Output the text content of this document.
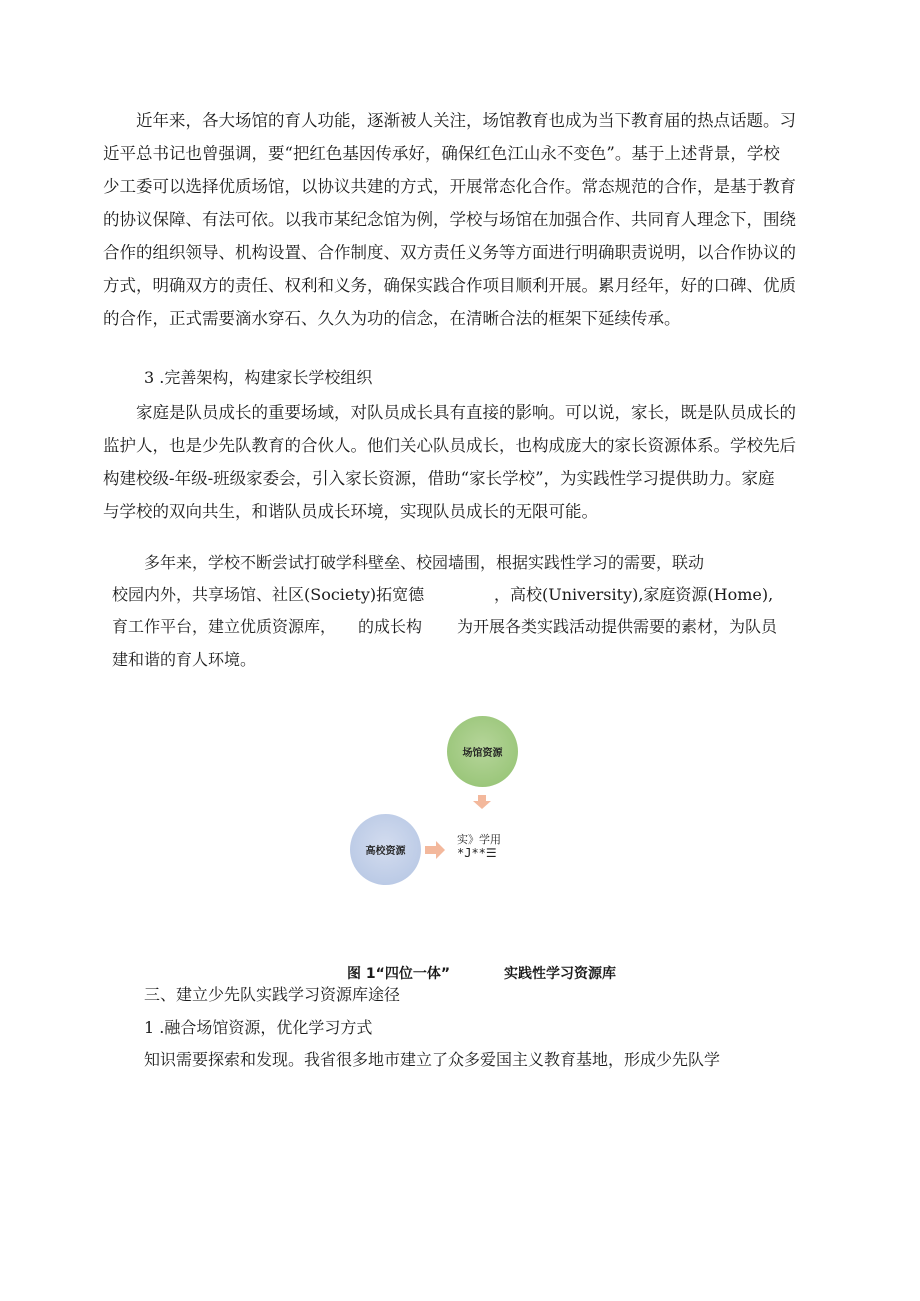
近年来，各大场馆的育人功能，逐渐被人关注，场馆教育也成为当下教育届的热点话题。习
近平总书记也曾强调，要“把红色基因传承好，确保红色江山永不变色”。基于上述背景，学校
少工委可以选择优质场馆，以协议共建的方式，开展常态化合作。常态规范的合作，是基于教育
的协议保障、有法可依。以我市某纪念馆为例，学校与场馆在加强合作、共同育人理念下，围绕
合作的组织领导、机构设置、合作制度、双方责任义务等方面进行明确职责说明，以合作协议的
方式，明确双方的责任、权利和义务，确保实践合作项目顺利开展。累月经年，好的口碑、优质
的合作，正式需要滴水穿石、久久为功的信念，在清晰合法的框架下延续传承。
3 .完善架构，构建家长学校组织
家庭是队员成长的重要场域，对队员成长具有直接的影响。可以说，家长，既是队员成长的
监护人，也是少先队教育的合伙人。他们关心队员成长，也构成庞大的家长资源体系。学校先后
构建校级-年级-班级家委会，引入家长资源，借助“家长学校”，为实践性学习提供助力。家庭
与学校的双向共生，和谐队员成长环境，实现队员成长的无限可能。
多年来，学校不断尝试打破学科壁垒、校园墙围，根据实践性学习的需要，联动
校园内外，共享场馆、社区(Society)拓宽德	，高校(University),家庭资源(Home),
育工作平台，建立优质资源库， 的成长构 为开展各类实践活动提供需要的素材，为队员
建和谐的育人环境。
场馆资源
高校资源
实》学用
*J**☰
图 1“四位一体”	实践性学习资源库
三、建立少先队实践学习资源库途径
1 .融合场馆资源，优化学习方式
知识需要探索和发现。我省很多地市建立了众多爱国主义教育基地，形成少先队学
